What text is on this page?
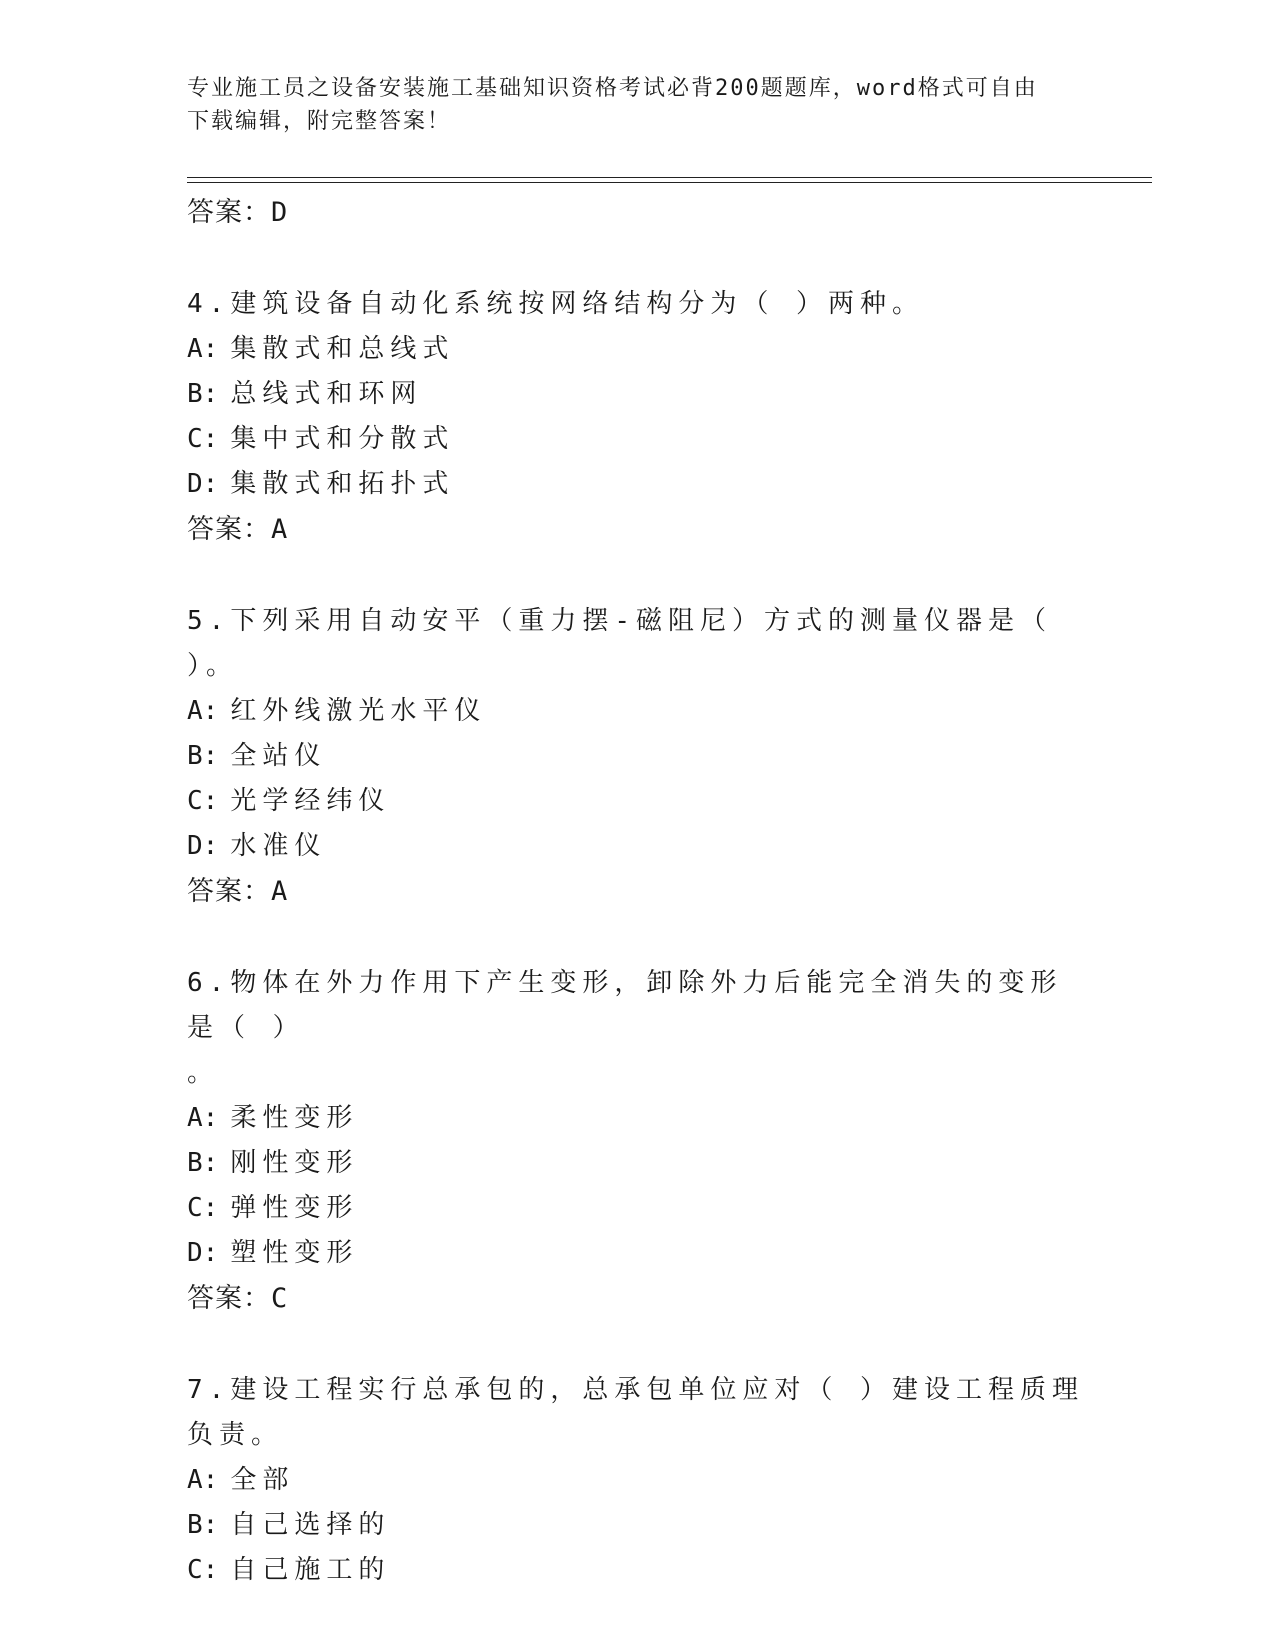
专业施工员之设备安装施工基础知识资格考试必背200题题库，word格式可自由
下载编辑，附完整答案！

答案：D

4.建筑设备自动化系统按网络结构分为（ ）两种。

A: 集散式和总线式

B: 总线式和环网

C: 集中式和分散式

D: 集散式和拓扑式

答案：A

5.下列采用自动安平（重力摆-磁阻尼）方式的测量仪器是（ ）。

A: 红外线激光水平仪

B: 全站仪

C: 光学经纬仪

D: 水准仪

答案：A

6.物体在外力作用下产生变形，卸除外力后能完全消失的变形是（ ）

。

A: 柔性变形

B: 刚性变形

C: 弹性变形

D: 塑性变形

答案：C

7.建设工程实行总承包的，总承包单位应对（ ）建设工程质理负责。

A: 全部

B: 自己选择的

C: 自己施工的
